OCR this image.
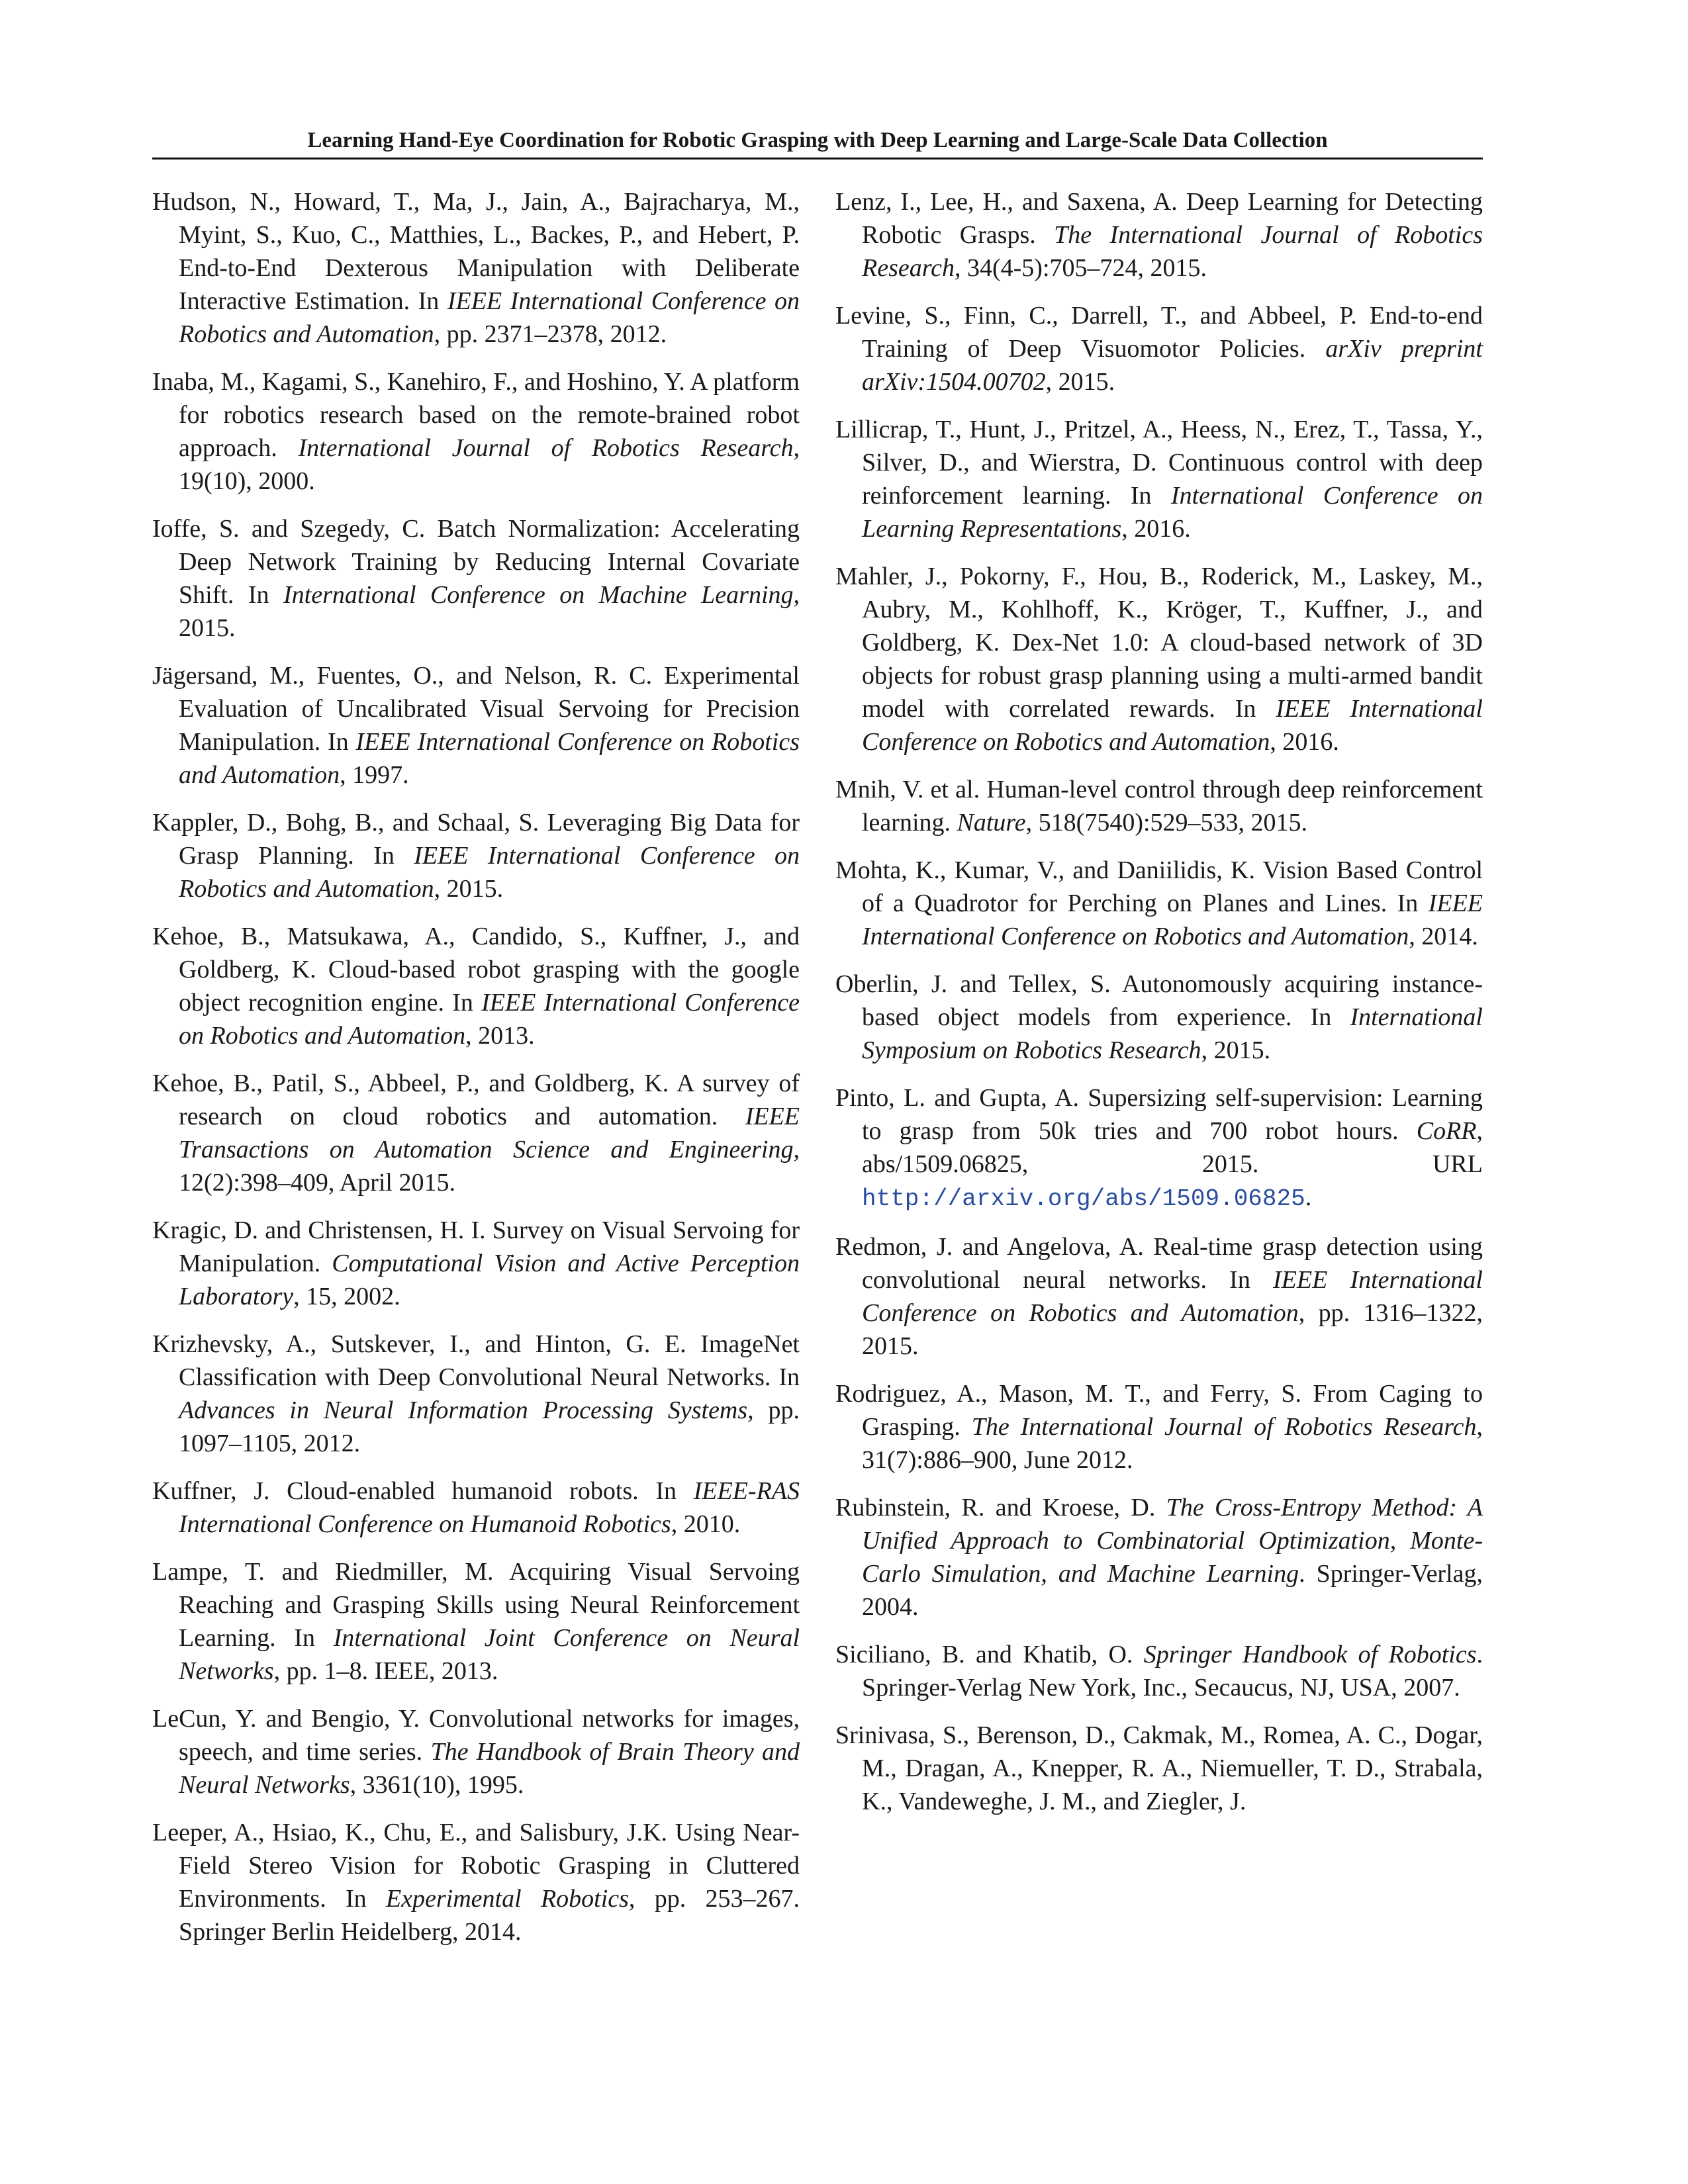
Learning Hand-Eye Coordination for Robotic Grasping with Deep Learning and Large-Scale Data Collection

Hudson, N., Howard, T., Ma, J., Jain, A., Bajracharya, M., Myint, S., Kuo, C., Matthies, L., Backes, P., and Hebert, P. End-to-End Dexterous Manipulation with Deliberate Interactive Estimation. In IEEE International Conference on Robotics and Automation, pp. 2371–2378, 2012.

Inaba, M., Kagami, S., Kanehiro, F., and Hoshino, Y. A platform for robotics research based on the remote-brained robot approach. International Journal of Robotics Research, 19(10), 2000.

Ioffe, S. and Szegedy, C. Batch Normalization: Accelerating Deep Network Training by Reducing Internal Covariate Shift. In International Conference on Machine Learning, 2015.

Jägersand, M., Fuentes, O., and Nelson, R. C. Experimental Evaluation of Uncalibrated Visual Servoing for Precision Manipulation. In IEEE International Conference on Robotics and Automation, 1997.

Kappler, D., Bohg, B., and Schaal, S. Leveraging Big Data for Grasp Planning. In IEEE International Conference on Robotics and Automation, 2015.

Kehoe, B., Matsukawa, A., Candido, S., Kuffner, J., and Goldberg, K. Cloud-based robot grasping with the google object recognition engine. In IEEE International Conference on Robotics and Automation, 2013.

Kehoe, B., Patil, S., Abbeel, P., and Goldberg, K. A survey of research on cloud robotics and automation. IEEE Transactions on Automation Science and Engineering, 12(2):398–409, April 2015.

Kragic, D. and Christensen, H. I. Survey on Visual Servoing for Manipulation. Computational Vision and Active Perception Laboratory, 15, 2002.

Krizhevsky, A., Sutskever, I., and Hinton, G. E. ImageNet Classification with Deep Convolutional Neural Networks. In Advances in Neural Information Processing Systems, pp. 1097–1105, 2012.

Kuffner, J. Cloud-enabled humanoid robots. In IEEE-RAS International Conference on Humanoid Robotics, 2010.

Lampe, T. and Riedmiller, M. Acquiring Visual Servoing Reaching and Grasping Skills using Neural Reinforcement Learning. In International Joint Conference on Neural Networks, pp. 1–8. IEEE, 2013.

LeCun, Y. and Bengio, Y. Convolutional networks for images, speech, and time series. The Handbook of Brain Theory and Neural Networks, 3361(10), 1995.

Leeper, A., Hsiao, K., Chu, E., and Salisbury, J.K. Using Near-Field Stereo Vision for Robotic Grasping in Cluttered Environments. In Experimental Robotics, pp. 253–267. Springer Berlin Heidelberg, 2014.

Lenz, I., Lee, H., and Saxena, A. Deep Learning for Detecting Robotic Grasps. The International Journal of Robotics Research, 34(4-5):705–724, 2015.

Levine, S., Finn, C., Darrell, T., and Abbeel, P. End-to-end Training of Deep Visuomotor Policies. arXiv preprint arXiv:1504.00702, 2015.

Lillicrap, T., Hunt, J., Pritzel, A., Heess, N., Erez, T., Tassa, Y., Silver, D., and Wierstra, D. Continuous control with deep reinforcement learning. In International Conference on Learning Representations, 2016.

Mahler, J., Pokorny, F., Hou, B., Roderick, M., Laskey, M., Aubry, M., Kohlhoff, K., Kröger, T., Kuffner, J., and Goldberg, K. Dex-Net 1.0: A cloud-based network of 3D objects for robust grasp planning using a multi-armed bandit model with correlated rewards. In IEEE International Conference on Robotics and Automation, 2016.

Mnih, V. et al. Human-level control through deep reinforcement learning. Nature, 518(7540):529–533, 2015.

Mohta, K., Kumar, V., and Daniilidis, K. Vision Based Control of a Quadrotor for Perching on Planes and Lines. In IEEE International Conference on Robotics and Automation, 2014.

Oberlin, J. and Tellex, S. Autonomously acquiring instance-based object models from experience. In International Symposium on Robotics Research, 2015.

Pinto, L. and Gupta, A. Supersizing self-supervision: Learning to grasp from 50k tries and 700 robot hours. CoRR, abs/1509.06825, 2015. URL http://arxiv.org/abs/1509.06825.

Redmon, J. and Angelova, A. Real-time grasp detection using convolutional neural networks. In IEEE International Conference on Robotics and Automation, pp. 1316–1322, 2015.

Rodriguez, A., Mason, M. T., and Ferry, S. From Caging to Grasping. The International Journal of Robotics Research, 31(7):886–900, June 2012.

Rubinstein, R. and Kroese, D. The Cross-Entropy Method: A Unified Approach to Combinatorial Optimization, Monte-Carlo Simulation, and Machine Learning. Springer-Verlag, 2004.

Siciliano, B. and Khatib, O. Springer Handbook of Robotics. Springer-Verlag New York, Inc., Secaucus, NJ, USA, 2007.

Srinivasa, S., Berenson, D., Cakmak, M., Romea, A. C., Dogar, M., Dragan, A., Knepper, R. A., Niemueller, T. D., Strabala, K., Vandeweghe, J. M., and Ziegler, J.
